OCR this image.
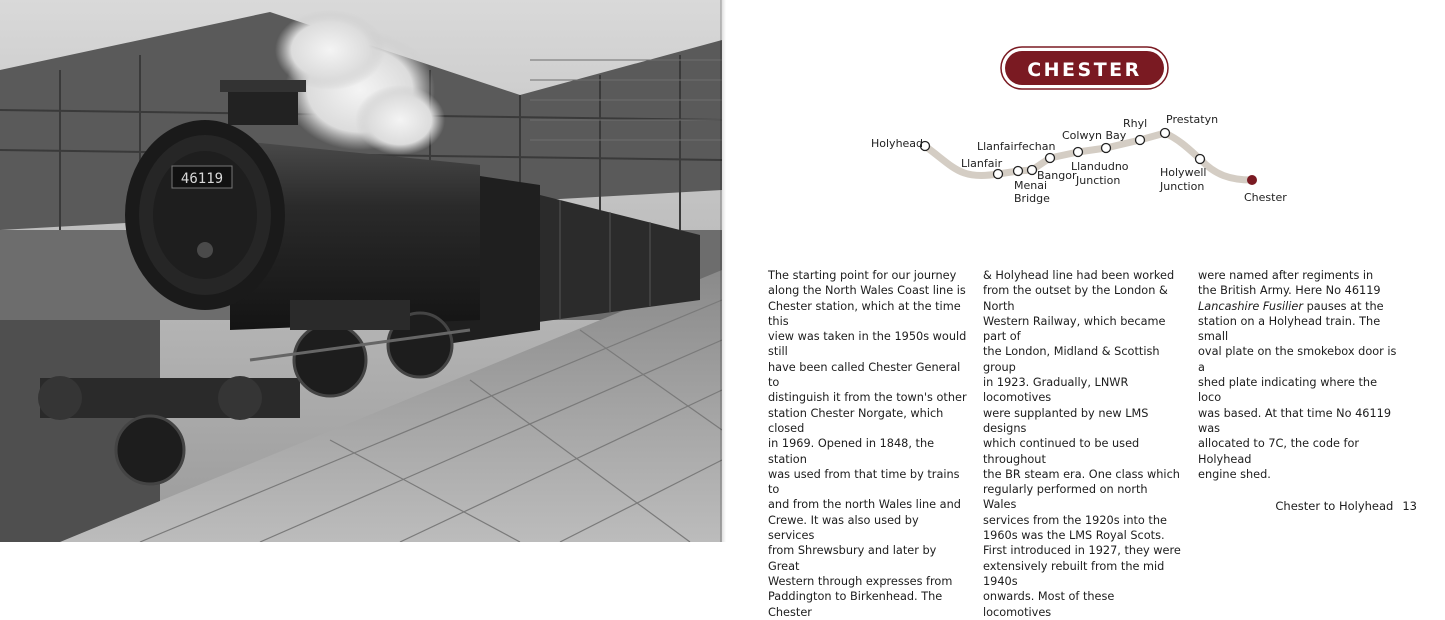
46119
CHESTER
Holyhead
Llanfair
Llanfairfechan
Menai
Bridge
Bangor
Colwyn Bay
Llandudno
Junction
Rhyl Prestatyn
Holywell
Junction
Chester

The starting point for our journey

along the North Wales Coast line is

Chester station, which at the time this

view was taken in the 1950s would still

have been called Chester General to

distinguish it from the town's other

station Chester Norgate, which closed

in 1969. Opened in 1848, the station

was used from that time by trains to

and from the north Wales line and

Crewe. It was also used by services

from Shrewsbury and later by Great

Western through expresses from

Paddington to Birkenhead. The Chester

& Holyhead line had been worked

from the outset by the London & North

Western Railway, which became part of

the London, Midland & Scottish group

in 1923. Gradually, LNWR locomotives

were supplanted by new LMS designs

which continued to be used throughout

the BR steam era. One class which

regularly performed on north Wales

services from the 1920s into the

1960s was the LMS Royal Scots.

First introduced in 1927, they were

extensively rebuilt from the mid 1940s

onwards. Most of these locomotives

were named after regiments in

the British Army. Here No 46119

Lancashire Fusilier pauses at the

station on a Holyhead train. The small

oval plate on the smokebox door is a

shed plate indicating where the loco

was based. At that time No 46119 was

allocated to 7C, the code for Holyhead

engine shed.

Chester to Holyhead 13
